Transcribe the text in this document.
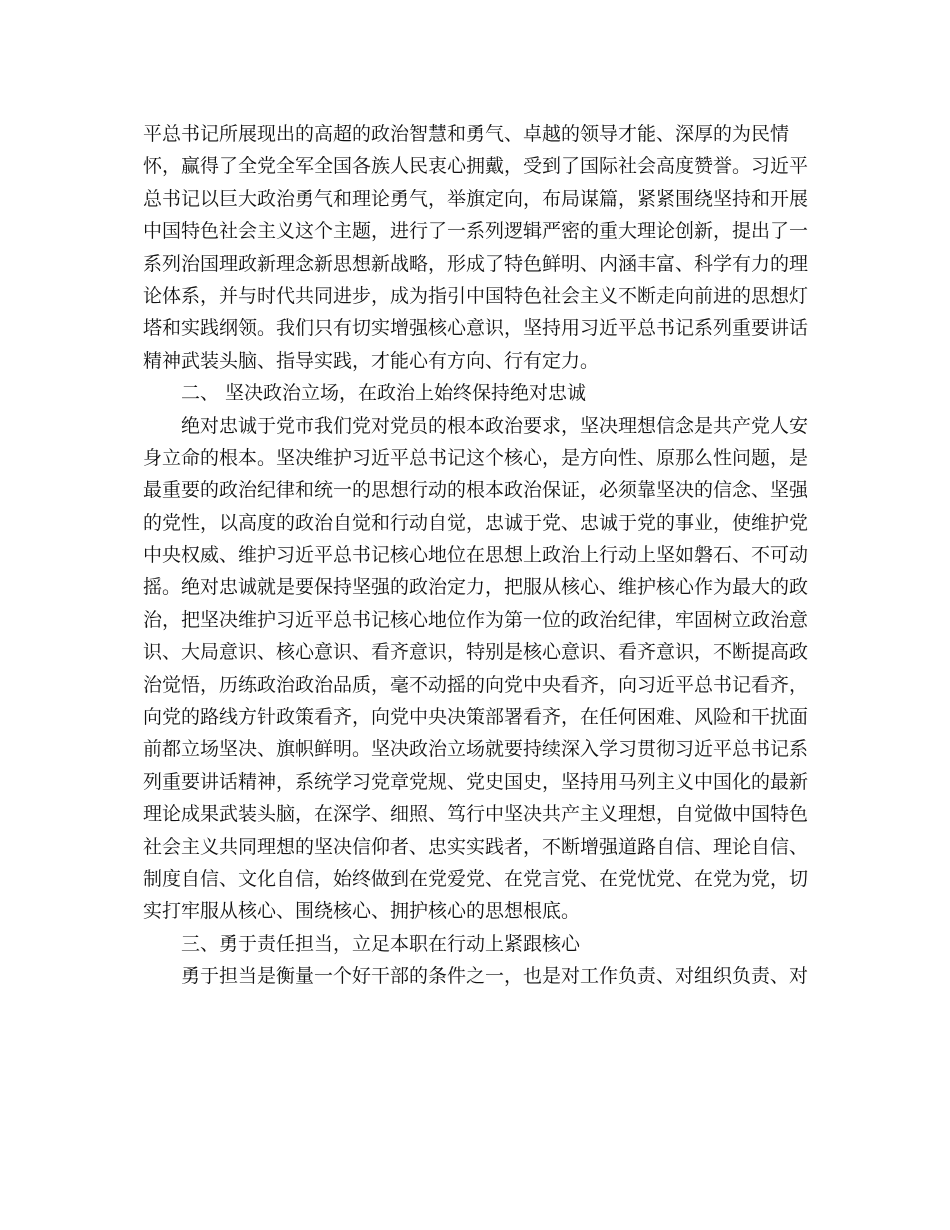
平总书记所展现出的高超的政治智慧和勇气、卓越的领导才能、深厚的为民情
怀，赢得了全党全军全国各族人民衷心拥戴，受到了国际社会高度赞誉。习近平
总书记以巨大政治勇气和理论勇气，举旗定向，布局谋篇，紧紧围绕坚持和开展
中国特色社会主义这个主题，进行了一系列逻辑严密的重大理论创新，提出了一
系列治国理政新理念新思想新战略，形成了特色鲜明、内涵丰富、科学有力的理
论体系，并与时代共同进步，成为指引中国特色社会主义不断走向前进的思想灯
塔和实践纲领。我们只有切实增强核心意识，坚持用习近平总书记系列重要讲话
精神武装头脑、指导实践，才能心有方向、行有定力。
二、 坚决政治立场，在政治上始终保持绝对忠诚
绝对忠诚于党市我们党对党员的根本政治要求，坚决理想信念是共产党人安
身立命的根本。坚决维护习近平总书记这个核心，是方向性、原那么性问题，是
最重要的政治纪律和统一的思想行动的根本政治保证，必须靠坚决的信念、坚强
的党性，以高度的政治自觉和行动自觉，忠诚于党、忠诚于党的事业，使维护党
中央权威、维护习近平总书记核心地位在思想上政治上行动上坚如磐石、不可动
摇。绝对忠诚就是要保持坚强的政治定力，把服从核心、维护核心作为最大的政
治，把坚决维护习近平总书记核心地位作为第一位的政治纪律，牢固树立政治意
识、大局意识、核心意识、看齐意识，特别是核心意识、看齐意识，不断提高政
治觉悟，历练政治政治品质，毫不动摇的向党中央看齐，向习近平总书记看齐，
向党的路线方针政策看齐，向党中央决策部署看齐，在任何困难、风险和干扰面
前都立场坚决、旗帜鲜明。坚决政治立场就要持续深入学习贯彻习近平总书记系
列重要讲话精神，系统学习党章党规、党史国史，坚持用马列主义中国化的最新
理论成果武装头脑，在深学、细照、笃行中坚决共产主义理想，自觉做中国特色
社会主义共同理想的坚决信仰者、忠实实践者，不断增强道路自信、理论自信、
制度自信、文化自信，始终做到在党爱党、在党言党、在党忧党、在党为党，切
实打牢服从核心、围绕核心、拥护核心的思想根底。
三、勇于责任担当，立足本职在行动上紧跟核心
勇于担当是衡量一个好干部的条件之一，也是对工作负责、对组织负责、对
